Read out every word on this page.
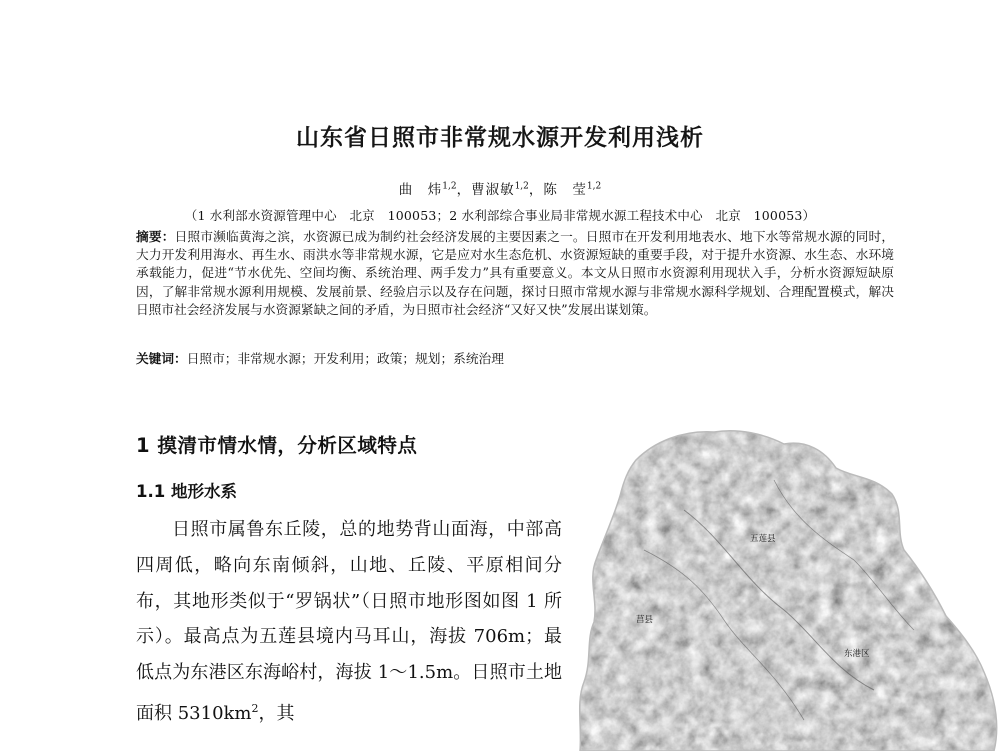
山东省日照市非常规水源开发利用浅析
曲　炜$^{1,2}$，曹淑敏$^{1,2}$，陈　莹$^{1,2}$
（1 水利部水资源管理中心　北京　100053；2 水利部综合事业局非常规水源工程技术中心　北京　100053）
摘要：日照市濒临黄海之滨，水资源已成为制约社会经济发展的主要因素之一。日照市在开发利用地表水、地下水等常规水源的同时，大力开发利用海水、再生水、雨洪水等非常规水源，它是应对水生态危机、水资源短缺的重要手段，对于提升水资源、水生态、水环境承载能力，促进“节水优先、空间均衡、系统治理、两手发力”具有重要意义。本文从日照市水资源利用现状入手，分析水资源短缺原因，了解非常规水源利用规模、发展前景、经验启示以及存在问题，探讨日照市常规水源与非常规水源科学规划、合理配置模式，解决日照市社会经济发展与水资源紧缺之间的矛盾，为日照市社会经济“又好又快”发展出谋划策。
关键词：日照市；非常规水源；开发利用；政策；规划；系统治理
1 摸清市情水情，分析区域特点
1.1 地形水系

日照市属鲁东丘陵，总的地势背山面海，中部高四周低，略向东南倾斜，山地、丘陵、平原相间分布，其地形类似于“罗锅状”（日照市地形图如图 1 所示）。最高点为五莲县境内马耳山，海拔 706m；最低点为东港区东海峪村，海拔 1～1.5m。日照市土地面积 $5310km^2$，其

五莲县
莒县
东港区
